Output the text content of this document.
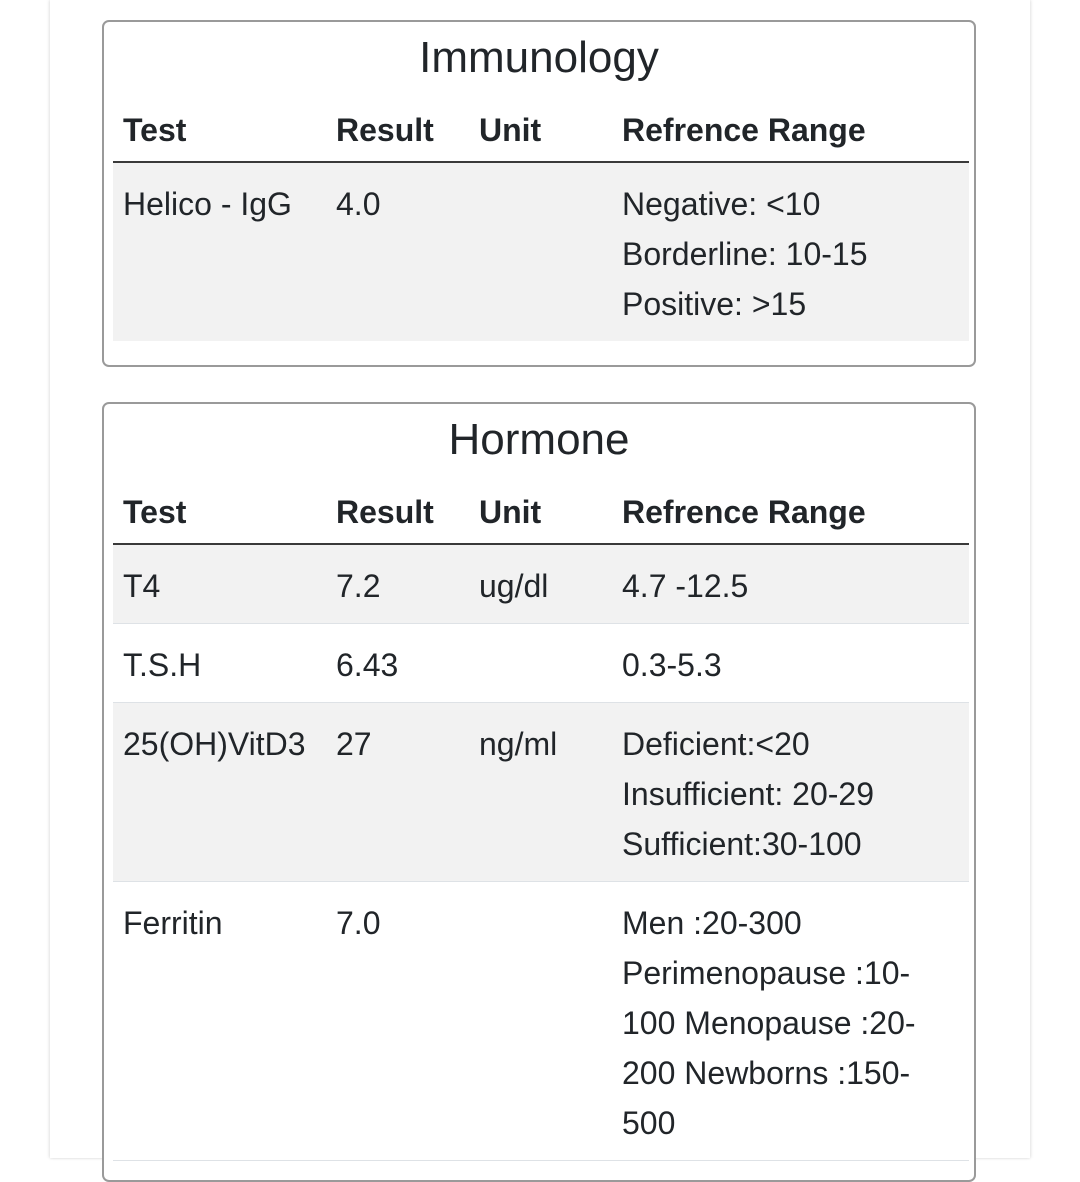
Immunology
Test	Result	Unit	Refrence Range
Helico - IgG	4.0		Negative: <10
Borderline: 10-15
Positive: >15
Hormone
Test	Result	Unit	Refrence Range
T4	7.2	ug/dl	4.7 -12.5

T.S.H	6.43		0.3-5.3

25(OH)VitD3	27	ng/ml	Deficient:<20
Insufficient: 20-29
Sufficient:30-100

Ferritin	7.0		Men :20-300
Perimenopause :10-
100 Menopause :20-
200 Newborns :150-
500
